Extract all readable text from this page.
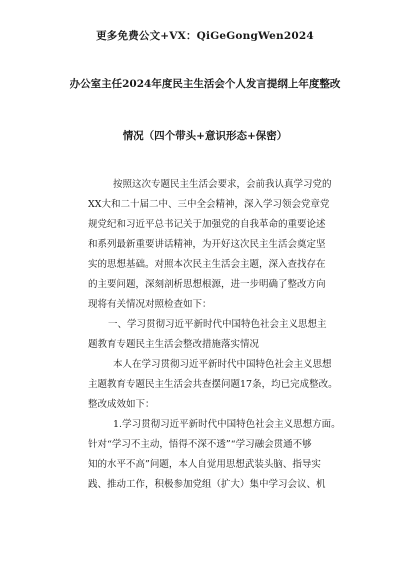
更多免费公文+VX：QiGeGongWen2024
办公室主任2024年度民主生活会个人发言提纲上年度整改
情况（四个带头+意识形态+保密）
按照这次专题民主生活会要求，会前我认真学习党的
XX大和二十届二中、三中全会精神，深入学习领会党章党
规党纪和习近平总书记关于加强党的自我革命的重要论述
和系列最新重要讲话精神，为开好这次民主生活会奠定坚
实的思想基础。对照本次民主生活会主题，深入查找存在
的主要问题，深刻剖析思想根源，进一步明确了整改方向
现将有关情况对照检查如下：
一、学习贯彻习近平新时代中国特色社会主义思想主
题教育专题民主生活会整改措施落实情况
本人在学习贯彻习近平新时代中国特色社会主义思想
主题教育专题民主生活会共查摆问题17条，均已完成整改。
整改成效如下：
1.学习贯彻习近平新时代中国特色社会主义思想方面。
针对“学习不主动，悟得不深不透”“学习融会贯通不够
知的水平不高”问题，本人自觉用思想武装头脑、指导实
践、推动工作，积极参加党组（扩大）集中学习会议、机
